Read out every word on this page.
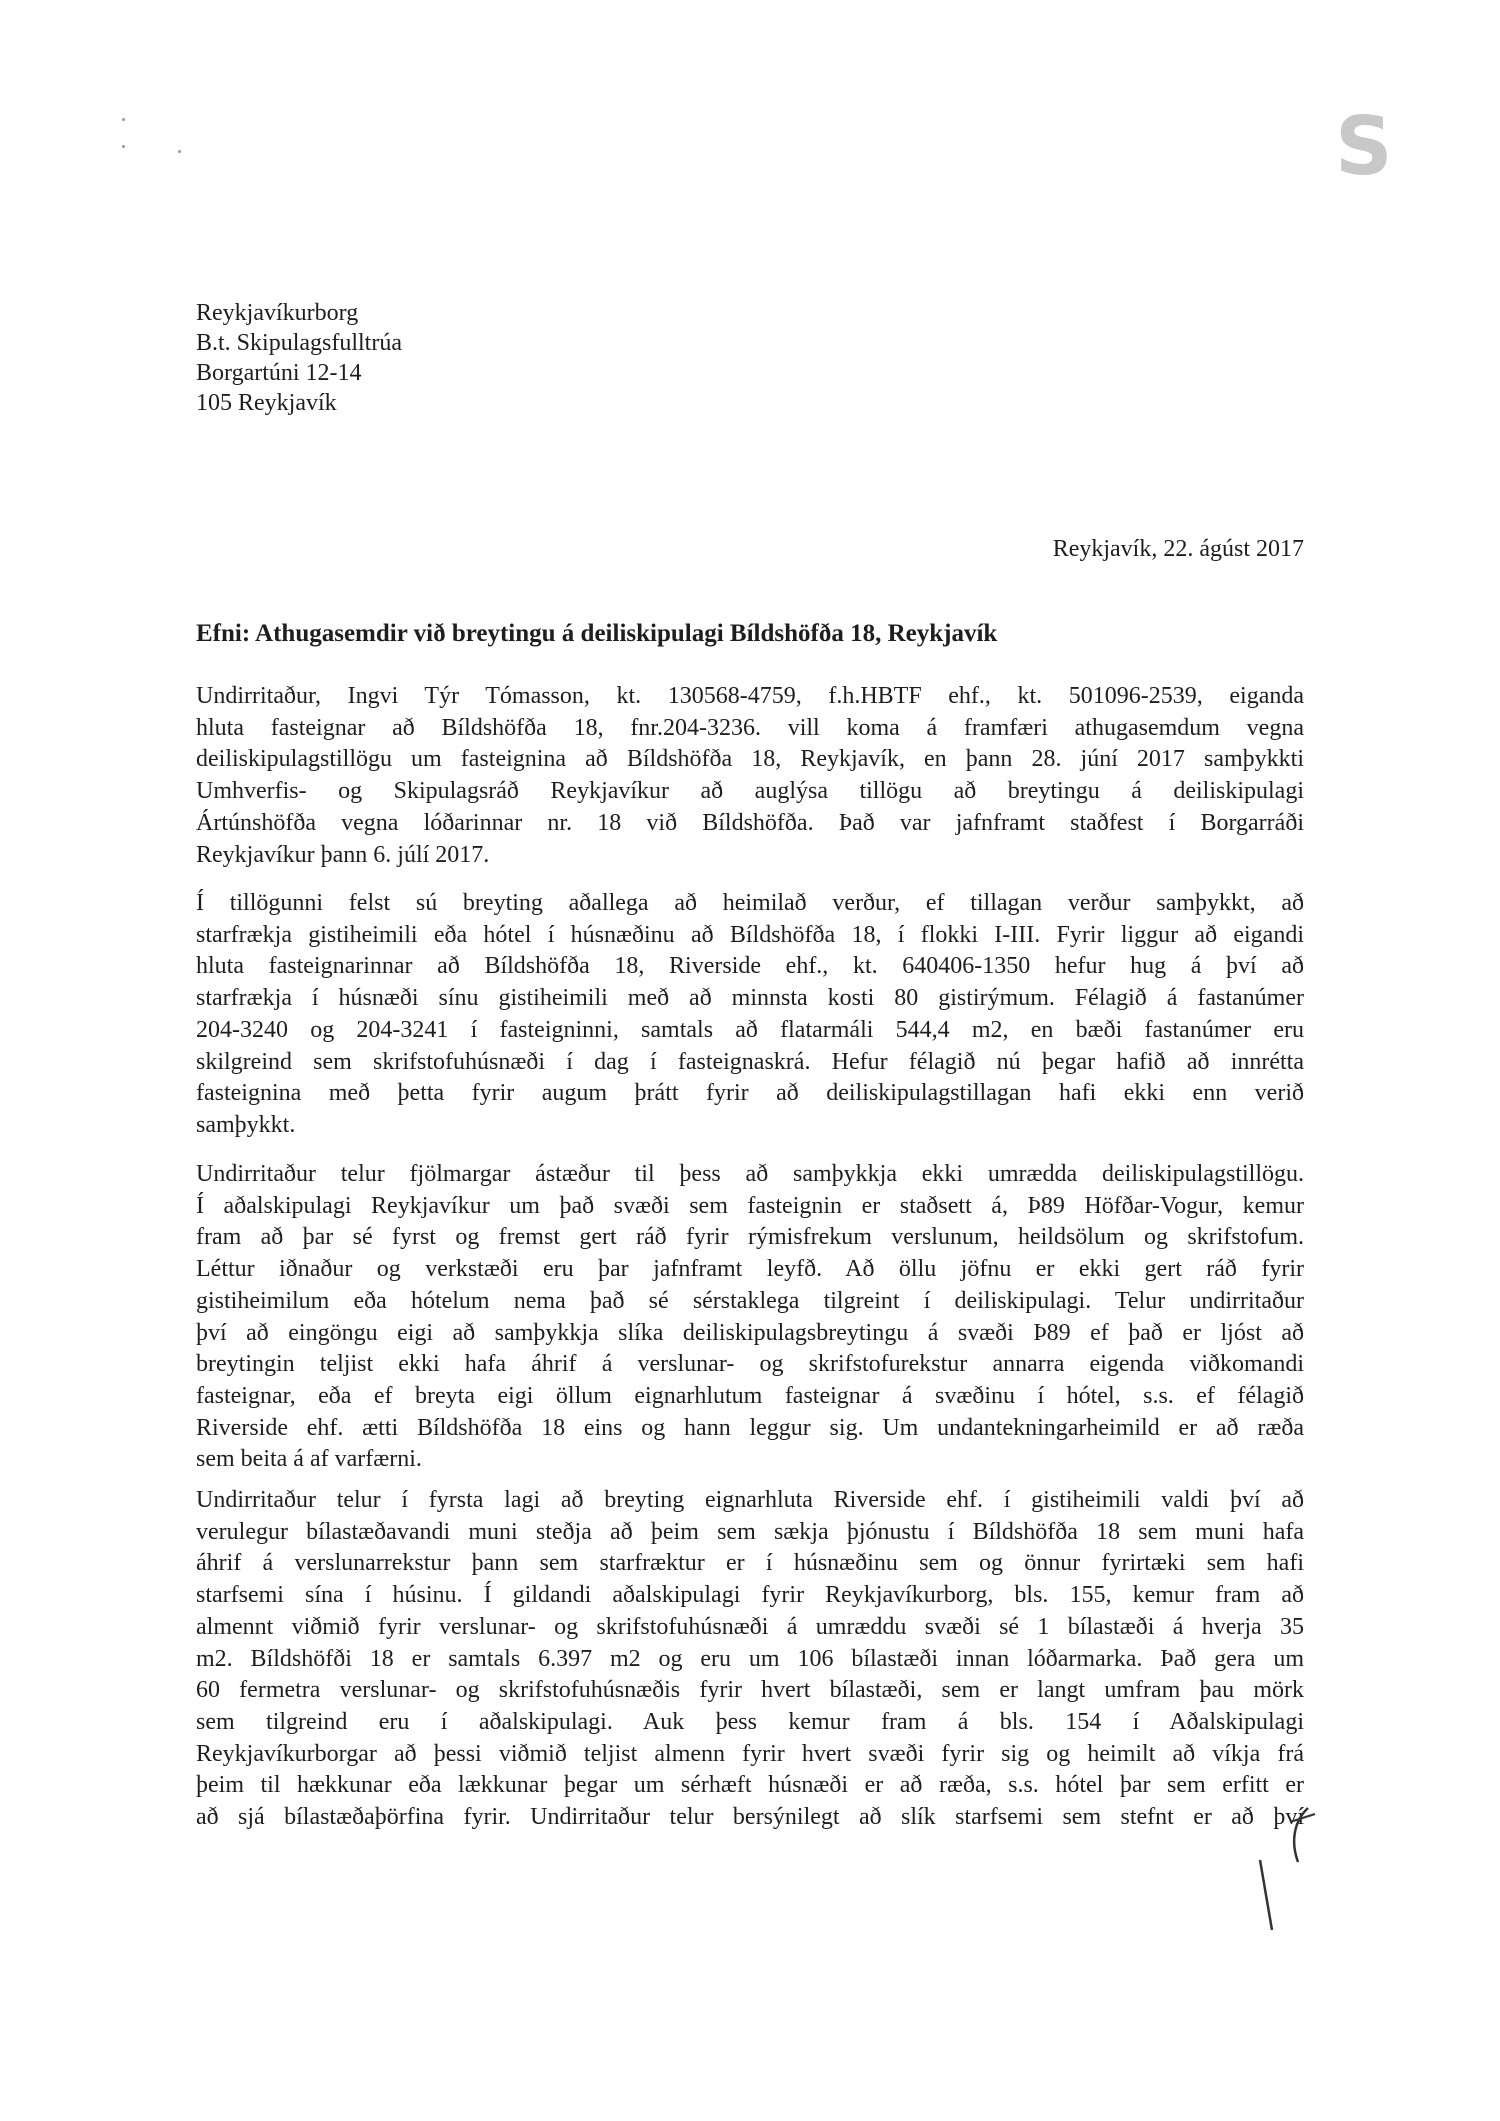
S
Reykjavíkurborg
B.t. Skipulagsfulltrúa
Borgartúni 12-14
105 Reykjavík
Reykjavík, 22. ágúst 2017
Efni: Athugasemdir við breytingu á deiliskipulagi Bíldshöfða 18, Reykjavík
Undirritaður, Ingvi Týr Tómasson, kt. 130568-4759, f.h.HBTF ehf., kt. 501096-2539, eiganda
hluta fasteignar að Bíldshöfða 18, fnr.204-3236. vill koma á framfæri athugasemdum vegna
deiliskipulagstillögu um fasteignina að Bíldshöfða 18, Reykjavík, en þann 28. júní 2017 samþykkti
Umhverfis- og Skipulagsráð Reykjavíkur að auglýsa tillögu að breytingu á deiliskipulagi
Ártúnshöfða vegna lóðarinnar nr. 18 við Bíldshöfða. Það var jafnframt staðfest í Borgarráði
Reykjavíkur þann 6. júlí 2017.
Í tillögunni felst sú breyting aðallega að heimilað verður, ef tillagan verður samþykkt, að
starfrækja gistiheimili eða hótel í húsnæðinu að Bíldshöfða 18, í flokki I-III. Fyrir liggur að eigandi
hluta fasteignarinnar að Bíldshöfða 18, Riverside ehf., kt. 640406-1350 hefur hug á því að
starfrækja í húsnæði sínu gistiheimili með að minnsta kosti 80 gistirýmum. Félagið á fastanúmer
204-3240 og 204-3241 í fasteigninni, samtals að flatarmáli 544,4 m2, en bæði fastanúmer eru
skilgreind sem skrifstofuhúsnæði í dag í fasteignaskrá. Hefur félagið nú þegar hafið að innrétta
fasteignina með þetta fyrir augum þrátt fyrir að deiliskipulagstillagan hafi ekki enn verið
samþykkt.
Undirritaður telur fjölmargar ástæður til þess að samþykkja ekki umrædda deiliskipulagstillögu.
Í aðalskipulagi Reykjavíkur um það svæði sem fasteignin er staðsett á, Þ89 Höfðar-Vogur, kemur
fram að þar sé fyrst og fremst gert ráð fyrir rýmisfrekum verslunum, heildsölum og skrifstofum.
Léttur iðnaður og verkstæði eru þar jafnframt leyfð. Að öllu jöfnu er ekki gert ráð fyrir
gistiheimilum eða hótelum nema það sé sérstaklega tilgreint í deiliskipulagi. Telur undirritaður
því að eingöngu eigi að samþykkja slíka deiliskipulagsbreytingu á svæði Þ89 ef það er ljóst að
breytingin teljist ekki hafa áhrif á verslunar- og skrifstofurekstur annarra eigenda viðkomandi
fasteignar, eða ef breyta eigi öllum eignarhlutum fasteignar á svæðinu í hótel, s.s. ef félagið
Riverside ehf. ætti Bíldshöfða 18 eins og hann leggur sig. Um undantekningarheimild er að ræða
sem beita á af varfærni.
Undirritaður telur í fyrsta lagi að breyting eignarhluta Riverside ehf. í gistiheimili valdi því að
verulegur bílastæðavandi muni steðja að þeim sem sækja þjónustu í Bíldshöfða 18 sem muni hafa
áhrif á verslunarrekstur þann sem starfræktur er í húsnæðinu sem og önnur fyrirtæki sem hafi
starfsemi sína í húsinu. Í gildandi aðalskipulagi fyrir Reykjavíkurborg, bls. 155, kemur fram að
almennt viðmið fyrir verslunar- og skrifstofuhúsnæði á umræddu svæði sé 1 bílastæði á hverja 35
m2. Bíldshöfði 18 er samtals 6.397 m2 og eru um 106 bílastæði innan lóðarmarka. Það gera um
60 fermetra verslunar- og skrifstofuhúsnæðis fyrir hvert bílastæði, sem er langt umfram þau mörk
sem tilgreind eru í aðalskipulagi. Auk þess kemur fram á bls. 154 í Aðalskipulagi
Reykjavíkurborgar að þessi viðmið teljist almenn fyrir hvert svæði fyrir sig og heimilt að víkja frá
þeim til hækkunar eða lækkunar þegar um sérhæft húsnæði er að ræða, s.s. hótel þar sem erfitt er
að sjá bílastæðaþörfina fyrir. Undirritaður telur bersýnilegt að slík starfsemi sem stefnt er að því
